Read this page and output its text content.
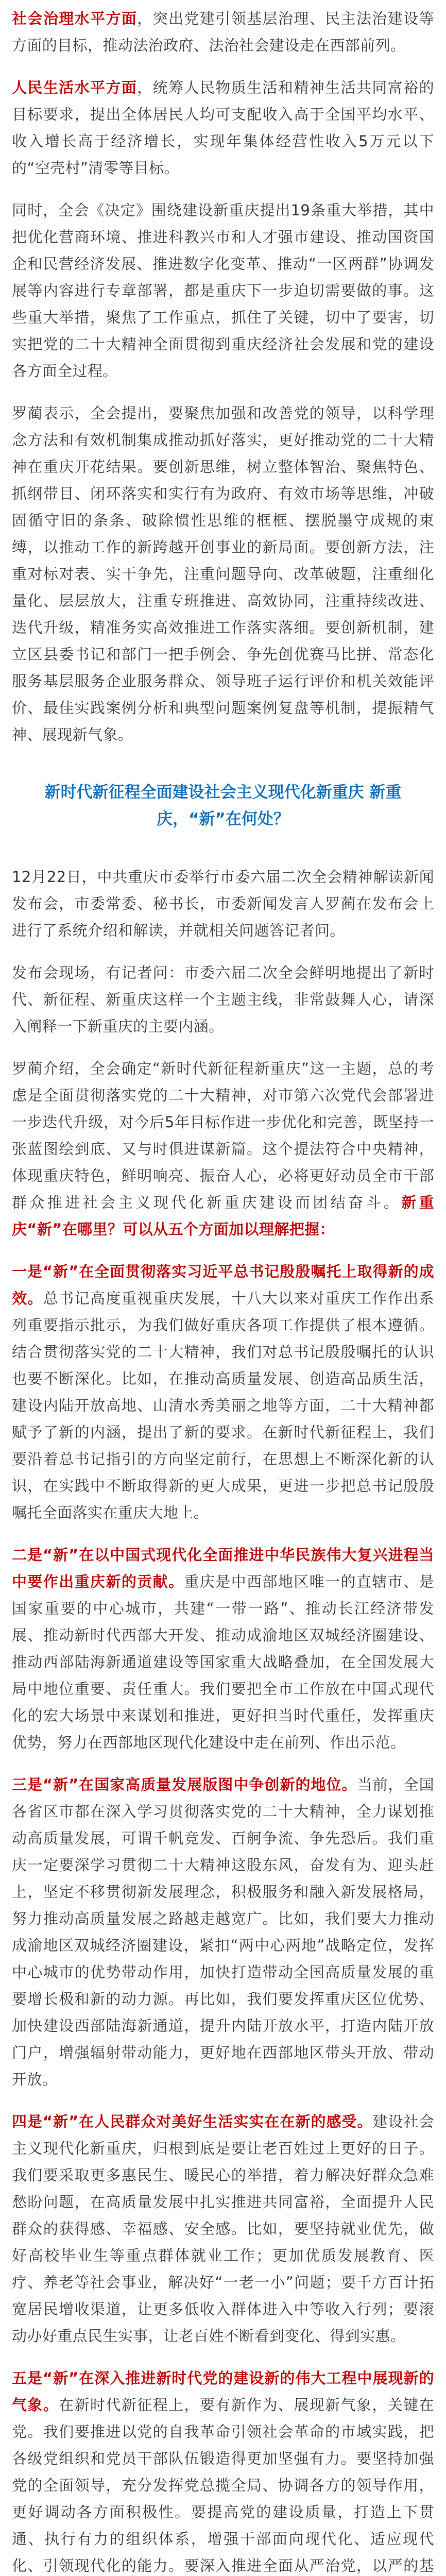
社会治理水平方面，突出党建引领基层治理、民主法治建设等方面的目标，推动法治政府、法治社会建设走在西部前列。

人民生活水平方面，统筹人民物质生活和精神生活共同富裕的目标要求，提出全体居民人均可支配收入高于全国平均水平、收入增长高于经济增长，实现年集体经营性收入5万元以下的“空壳村”清零等目标。

同时，全会《决定》围绕建设新重庆提出19条重大举措，其中把优化营商环境、推进科教兴市和人才强市建设、推动国资国企和民营经济发展、推进数字化变革、推动“一区两群”协调发展等内容进行专章部署，都是重庆下一步迫切需要做的事。这些重大举措，聚焦了工作重点，抓住了关键，切中了要害，切实把党的二十大精神全面贯彻到重庆经济社会发展和党的建设各方面全过程。

罗蔺表示，全会提出，要聚焦加强和改善党的领导，以科学理念方法和有效机制集成推动抓好落实，更好推动党的二十大精神在重庆开花结果。要创新思维，树立整体智治、聚焦特色、抓纲带目、闭环落实和实行有为政府、有效市场等思维，冲破固循守旧的条条、破除惯性思维的框框、摆脱墨守成规的束缚，以推动工作的新跨越开创事业的新局面。要创新方法，注重对标对表、实干争先，注重问题导向、改革破题，注重细化量化、层层放大，注重专班推进、高效协同，注重持续改进、迭代升级，精准务实高效推进工作落实落细。要创新机制，建立区县委书记和部门一把手例会、争先创优赛马比拼、常态化服务基层服务企业服务群众、领导班子运行评价和机关效能评价、最佳实践案例分析和典型问题案例复盘等机制，提振精气神、展现新气象。

新时代新征程全面建设社会主义现代化新重庆 新重庆，“新”在何处？

12月22日，中共重庆市委举行市委六届二次全会精神解读新闻发布会，市委常委、秘书长，市委新闻发言人罗蔺在发布会上进行了系统介绍和解读，并就相关问题答记者问。

发布会现场，有记者问：市委六届二次全会鲜明地提出了新时代、新征程、新重庆这样一个主题主线，非常鼓舞人心，请深入阐释一下新重庆的主要内涵。

罗蔺介绍，全会确定“新时代新征程新重庆”这一主题，总的考虑是全面贯彻落实党的二十大精神，对市第六次党代会部署进一步迭代升级，对今后5年目标作进一步优化和完善，既坚持一张蓝图绘到底、又与时俱进谋新篇。这个提法符合中央精神，体现重庆特色，鲜明响亮、振奋人心，必将更好动员全市干部群众推进社会主义现代化新重庆建设而团结奋斗。新重庆“新”在哪里？可以从五个方面加以理解把握：

一是“新”在全面贯彻落实习近平总书记殷殷嘱托上取得新的成效。总书记高度重视重庆发展，十八大以来对重庆工作作出系列重要指示批示，为我们做好重庆各项工作提供了根本遵循。结合贯彻落实党的二十大精神，我们对总书记殷殷嘱托的认识也要不断深化。比如，在推动高质量发展、创造高品质生活，建设内陆开放高地、山清水秀美丽之地等方面，二十大精神都赋予了新的内涵，提出了新的要求。在新时代新征程上，我们要沿着总书记指引的方向坚定前行，在思想上不断深化新的认识，在实践中不断取得新的更大成果，更进一步把总书记殷殷嘱托全面落实在重庆大地上。

二是“新”在以中国式现代化全面推进中华民族伟大复兴进程当中要作出重庆新的贡献。重庆是中西部地区唯一的直辖市、是国家重要的中心城市，共建“一带一路”、推动长江经济带发展、推动新时代西部大开发、推动成渝地区双城经济圈建设、推动西部陆海新通道建设等国家重大战略叠加，在全国发展大局中地位重要、责任重大。我们要把全市工作放在中国式现代化的宏大场景中来谋划和推进，更好担当时代重任，发挥重庆优势，努力在西部地区现代化建设中走在前列、作出示范。

三是“新”在国家高质量发展版图中争创新的地位。当前，全国各省区市都在深入学习贯彻落实党的二十大精神，全力谋划推动高质量发展，可谓千帆竞发、百舸争流、争先恐后。我们重庆一定要深学习贯彻二十大精神这股东风，奋发有为、迎头赶上，坚定不移贯彻新发展理念，积极服务和融入新发展格局，努力推动高质量发展之路越走越宽广。比如，我们要大力推动成渝地区双城经济圈建设，紧扣“两中心两地”战略定位，发挥中心城市的优势带动作用，加快打造带动全国高质量发展的重要增长极和新的动力源。再比如，我们要发挥重庆区位优势、加快建设西部陆海新通道，提升内陆开放水平，打造内陆开放门户，增强辐射带动能力，更好地在西部地区带头开放、带动开放。

四是“新”在人民群众对美好生活实实在在新的感受。建设社会主义现代化新重庆，归根到底是要让老百姓过上更好的日子。我们要采取更多惠民生、暖民心的举措，着力解决好群众急难愁盼问题，在高质量发展中扎实推进共同富裕，全面提升人民群众的获得感、幸福感、安全感。比如，要坚持就业优先，做好高校毕业生等重点群体就业工作；更加优质发展教育、医疗、养老等社会事业，解决好“一老一小”问题；要千方百计拓宽居民增收渠道，让更多低收入群体进入中等收入行列；要滚动办好重点民生实事，让老百姓不断看到变化、得到实惠。

五是“新”在深入推进新时代党的建设新的伟大工程中展现新的气象。在新时代新征程上，要有新作为、展现新气象，关键在党。我们要推进以党的自我革命引领社会革命的市域实践，把各级党组织和党员干部队伍锻造得更加坚强有力。要坚持加强党的全面领导，充分发挥党总揽全局、协调各方的领导作用，更好调动各方面积极性。要提高党的建设质量，打造上下贯通、执行有力的组织体系，增强干部面向现代化、适应现代化、引领现代化的能力。要深入推进全面从严治党，以严的基
